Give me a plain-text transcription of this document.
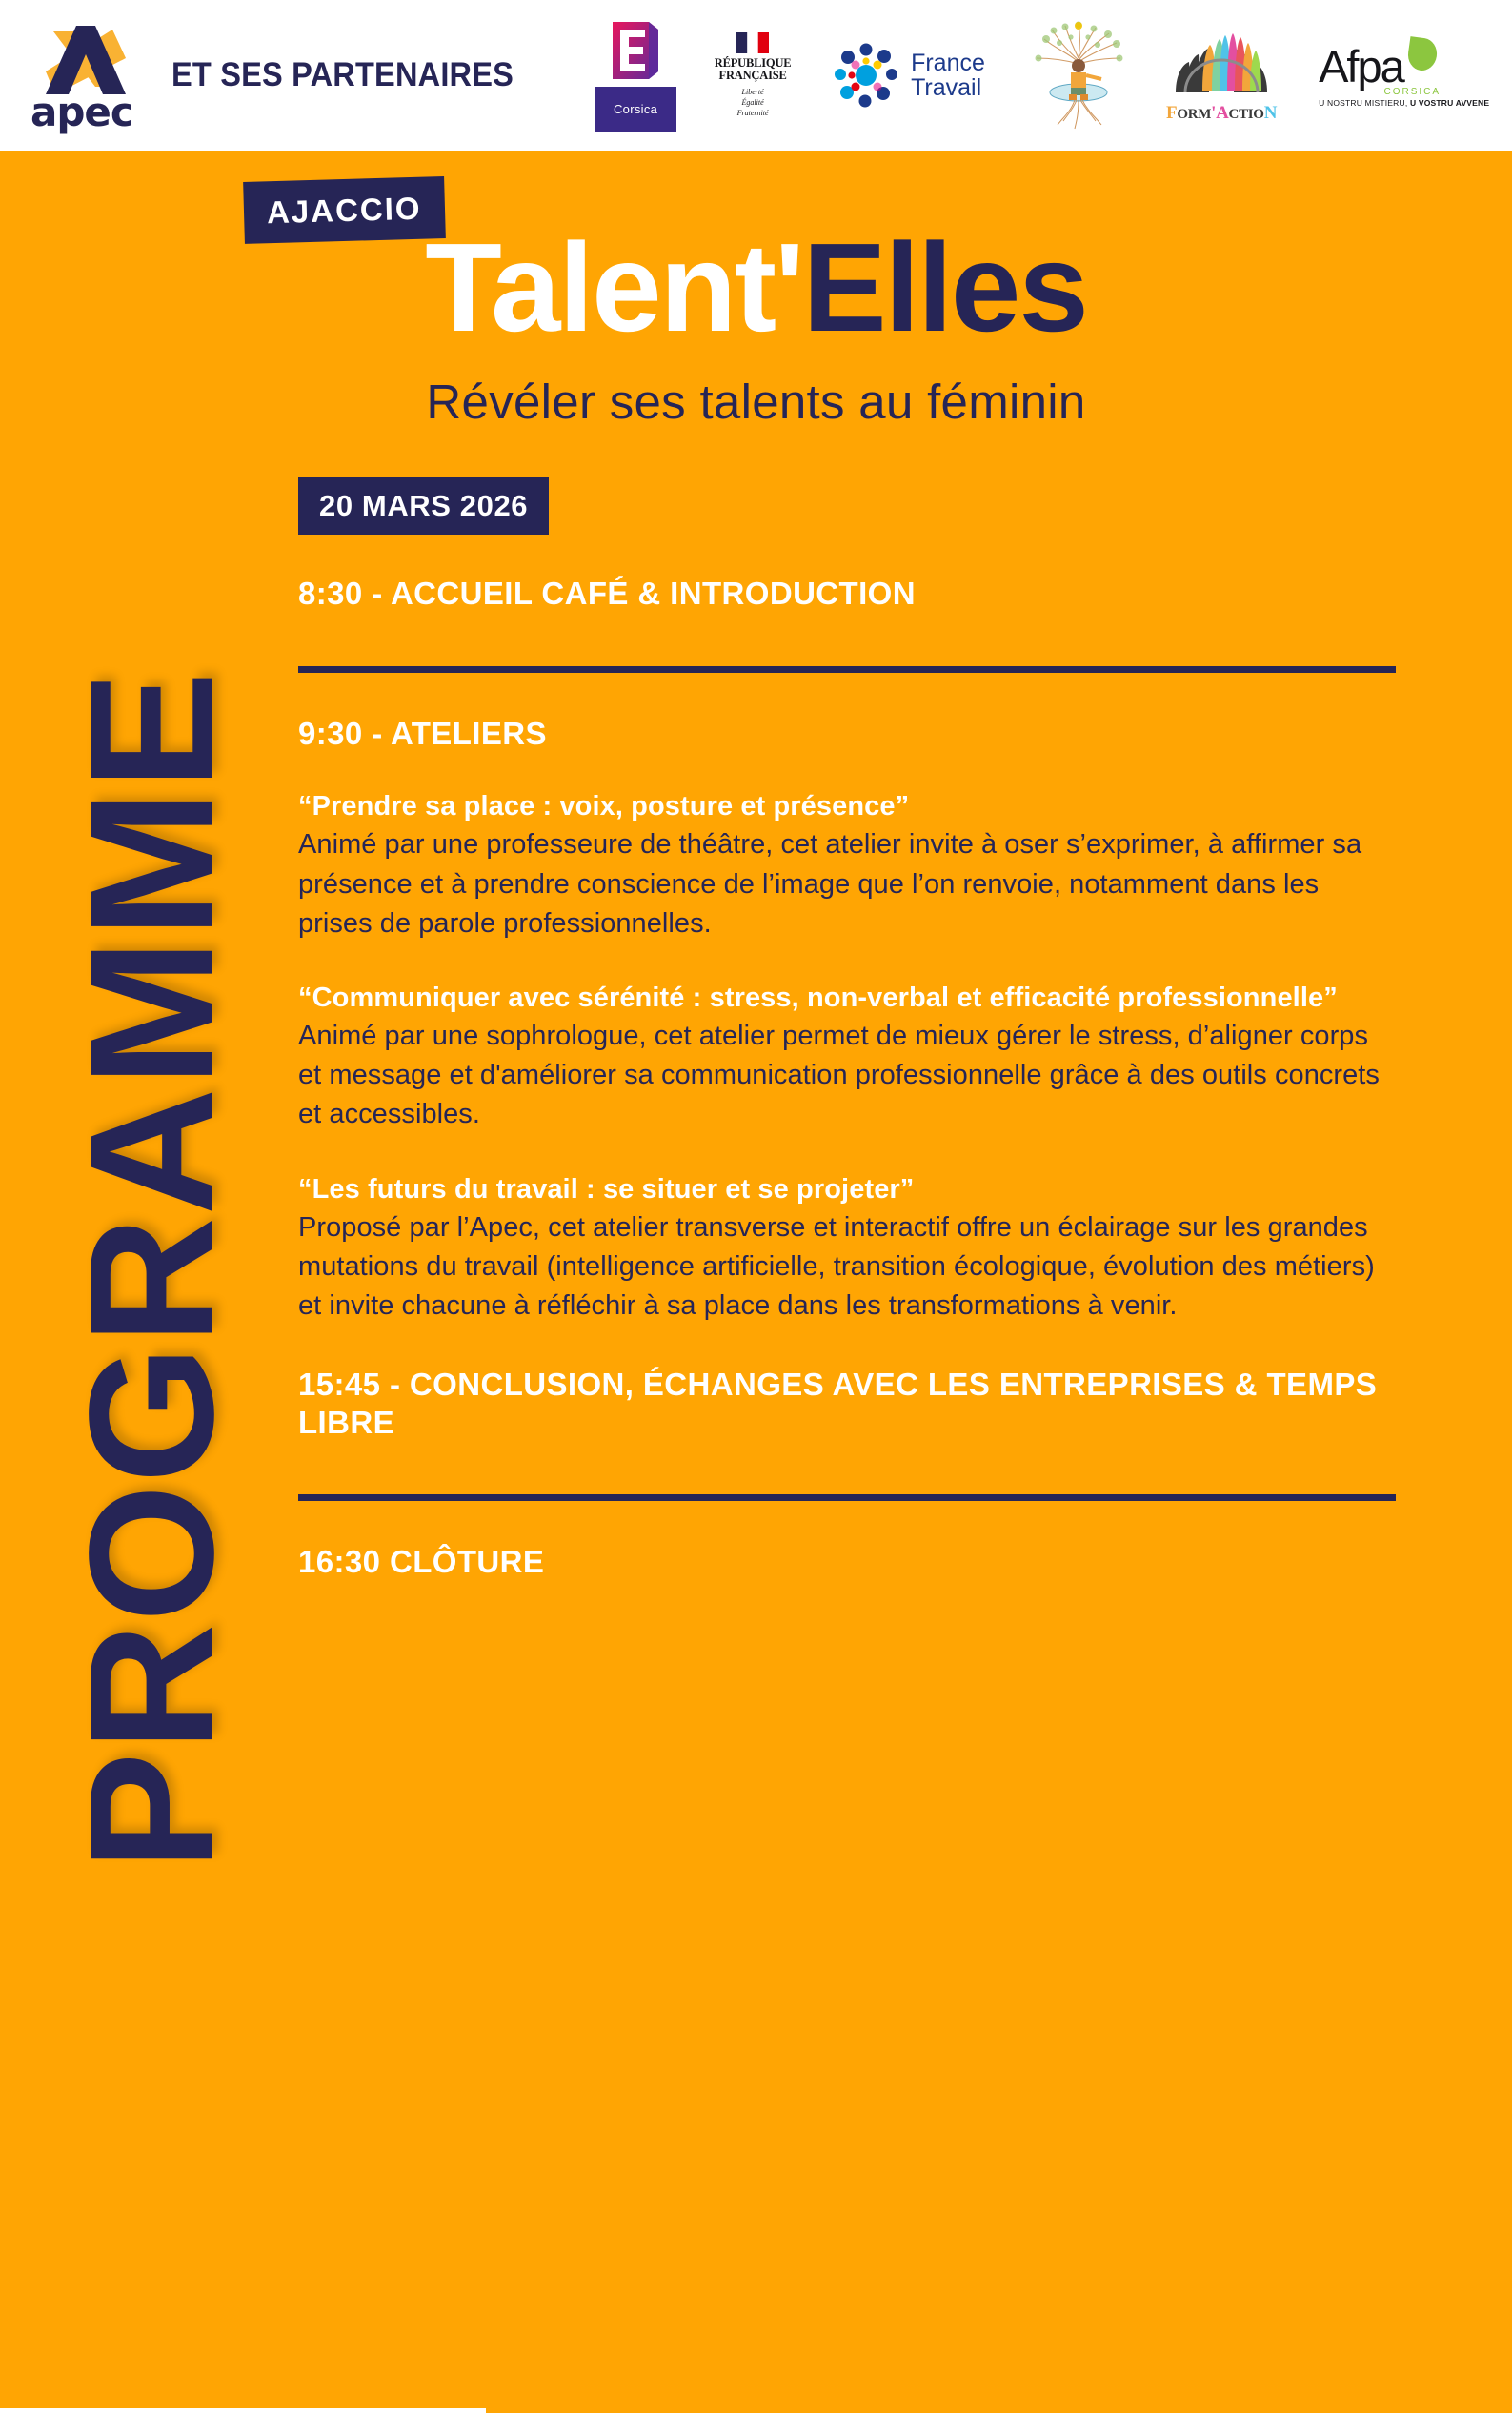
apec
ET SES PARTENAIRES
Corsica
RÉPUBLIQUE
FRANÇAISE
Liberté
Égalité
Fraternité
France
Travail
FORM'ACTION
Afpa
CORSICA
U NOSTRU MISTIERU, U VOSTRU AVVENE
PROGRAMME
AJACCIO
Talent'Elles
Révéler ses talents au féminin
20 MARS 2026
8:30 - ACCUEIL CAFÉ & INTRODUCTION
9:30 - ATELIERS
“Prendre sa place : voix, posture et présence”
Animé par une professeure de théâtre, cet atelier invite à oser s’exprimer, à affirmer sa présence et à prendre conscience de l’image que l’on renvoie, notamment dans les prises de parole professionnelles.
“Communiquer avec sérénité : stress, non-verbal et efficacité professionnelle”
Animé par une sophrologue, cet atelier permet de mieux gérer le stress, d’aligner corps et message et d'améliorer sa communication professionnelle grâce à des outils concrets et accessibles.
“Les futurs du travail : se situer et se projeter”
Proposé par l’Apec, cet atelier transverse et interactif offre un éclairage sur les grandes mutations du travail (intelligence artificielle, transition écologique, évolution des métiers) et invite chacune à réfléchir à sa place dans les transformations à venir.
15:45 - CONCLUSION, ÉCHANGES AVEC LES ENTREPRISES & TEMPS LIBRE
16:30 CLÔTURE
